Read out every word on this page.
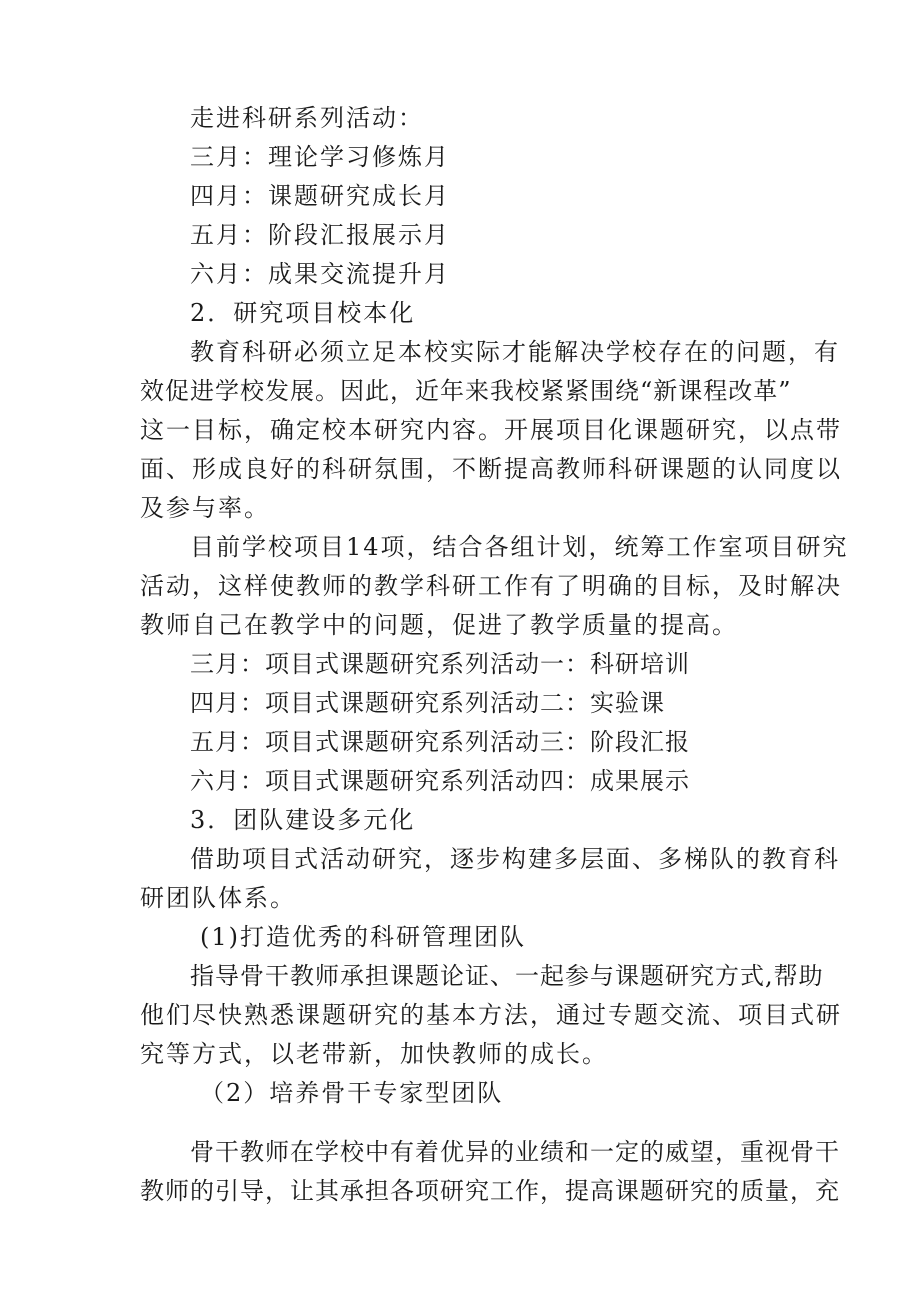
走进科研系列活动：
三月：理论学习修炼月
四月：课题研究成长月
五月：阶段汇报展示月
六月：成果交流提升月
2．研究项目校本化
教育科研必须立足本校实际才能解决学校存在的问题，有
效促进学校发展。因此，近年来我校紧紧围绕“新课程改革”
这一目标，确定校本研究内容。开展项目化课题研究，以点带
面、形成良好的科研氛围，不断提高教师科研课题的认同度以
及参与率。
目前学校项目14项，结合各组计划，统筹工作室项目研究
活动，这样使教师的教学科研工作有了明确的目标，及时解决
教师自己在教学中的问题，促进了教学质量的提高。
三月：项目式课题研究系列活动一：科研培训
四月：项目式课题研究系列活动二：实验课
五月：项目式课题研究系列活动三：阶段汇报
六月：项目式课题研究系列活动四：成果展示
3．团队建设多元化
借助项目式活动研究，逐步构建多层面、多梯队的教育科
研团队体系。
(1)打造优秀的科研管理团队
指导骨干教师承担课题论证、一起参与课题研究方式,帮助
他们尽快熟悉课题研究的基本方法，通过专题交流、项目式研
究等方式，以老带新，加快教师的成长。
（2）培养骨干专家型团队
骨干教师在学校中有着优异的业绩和一定的威望，重视骨干
教师的引导，让其承担各项研究工作，提高课题研究的质量，充
